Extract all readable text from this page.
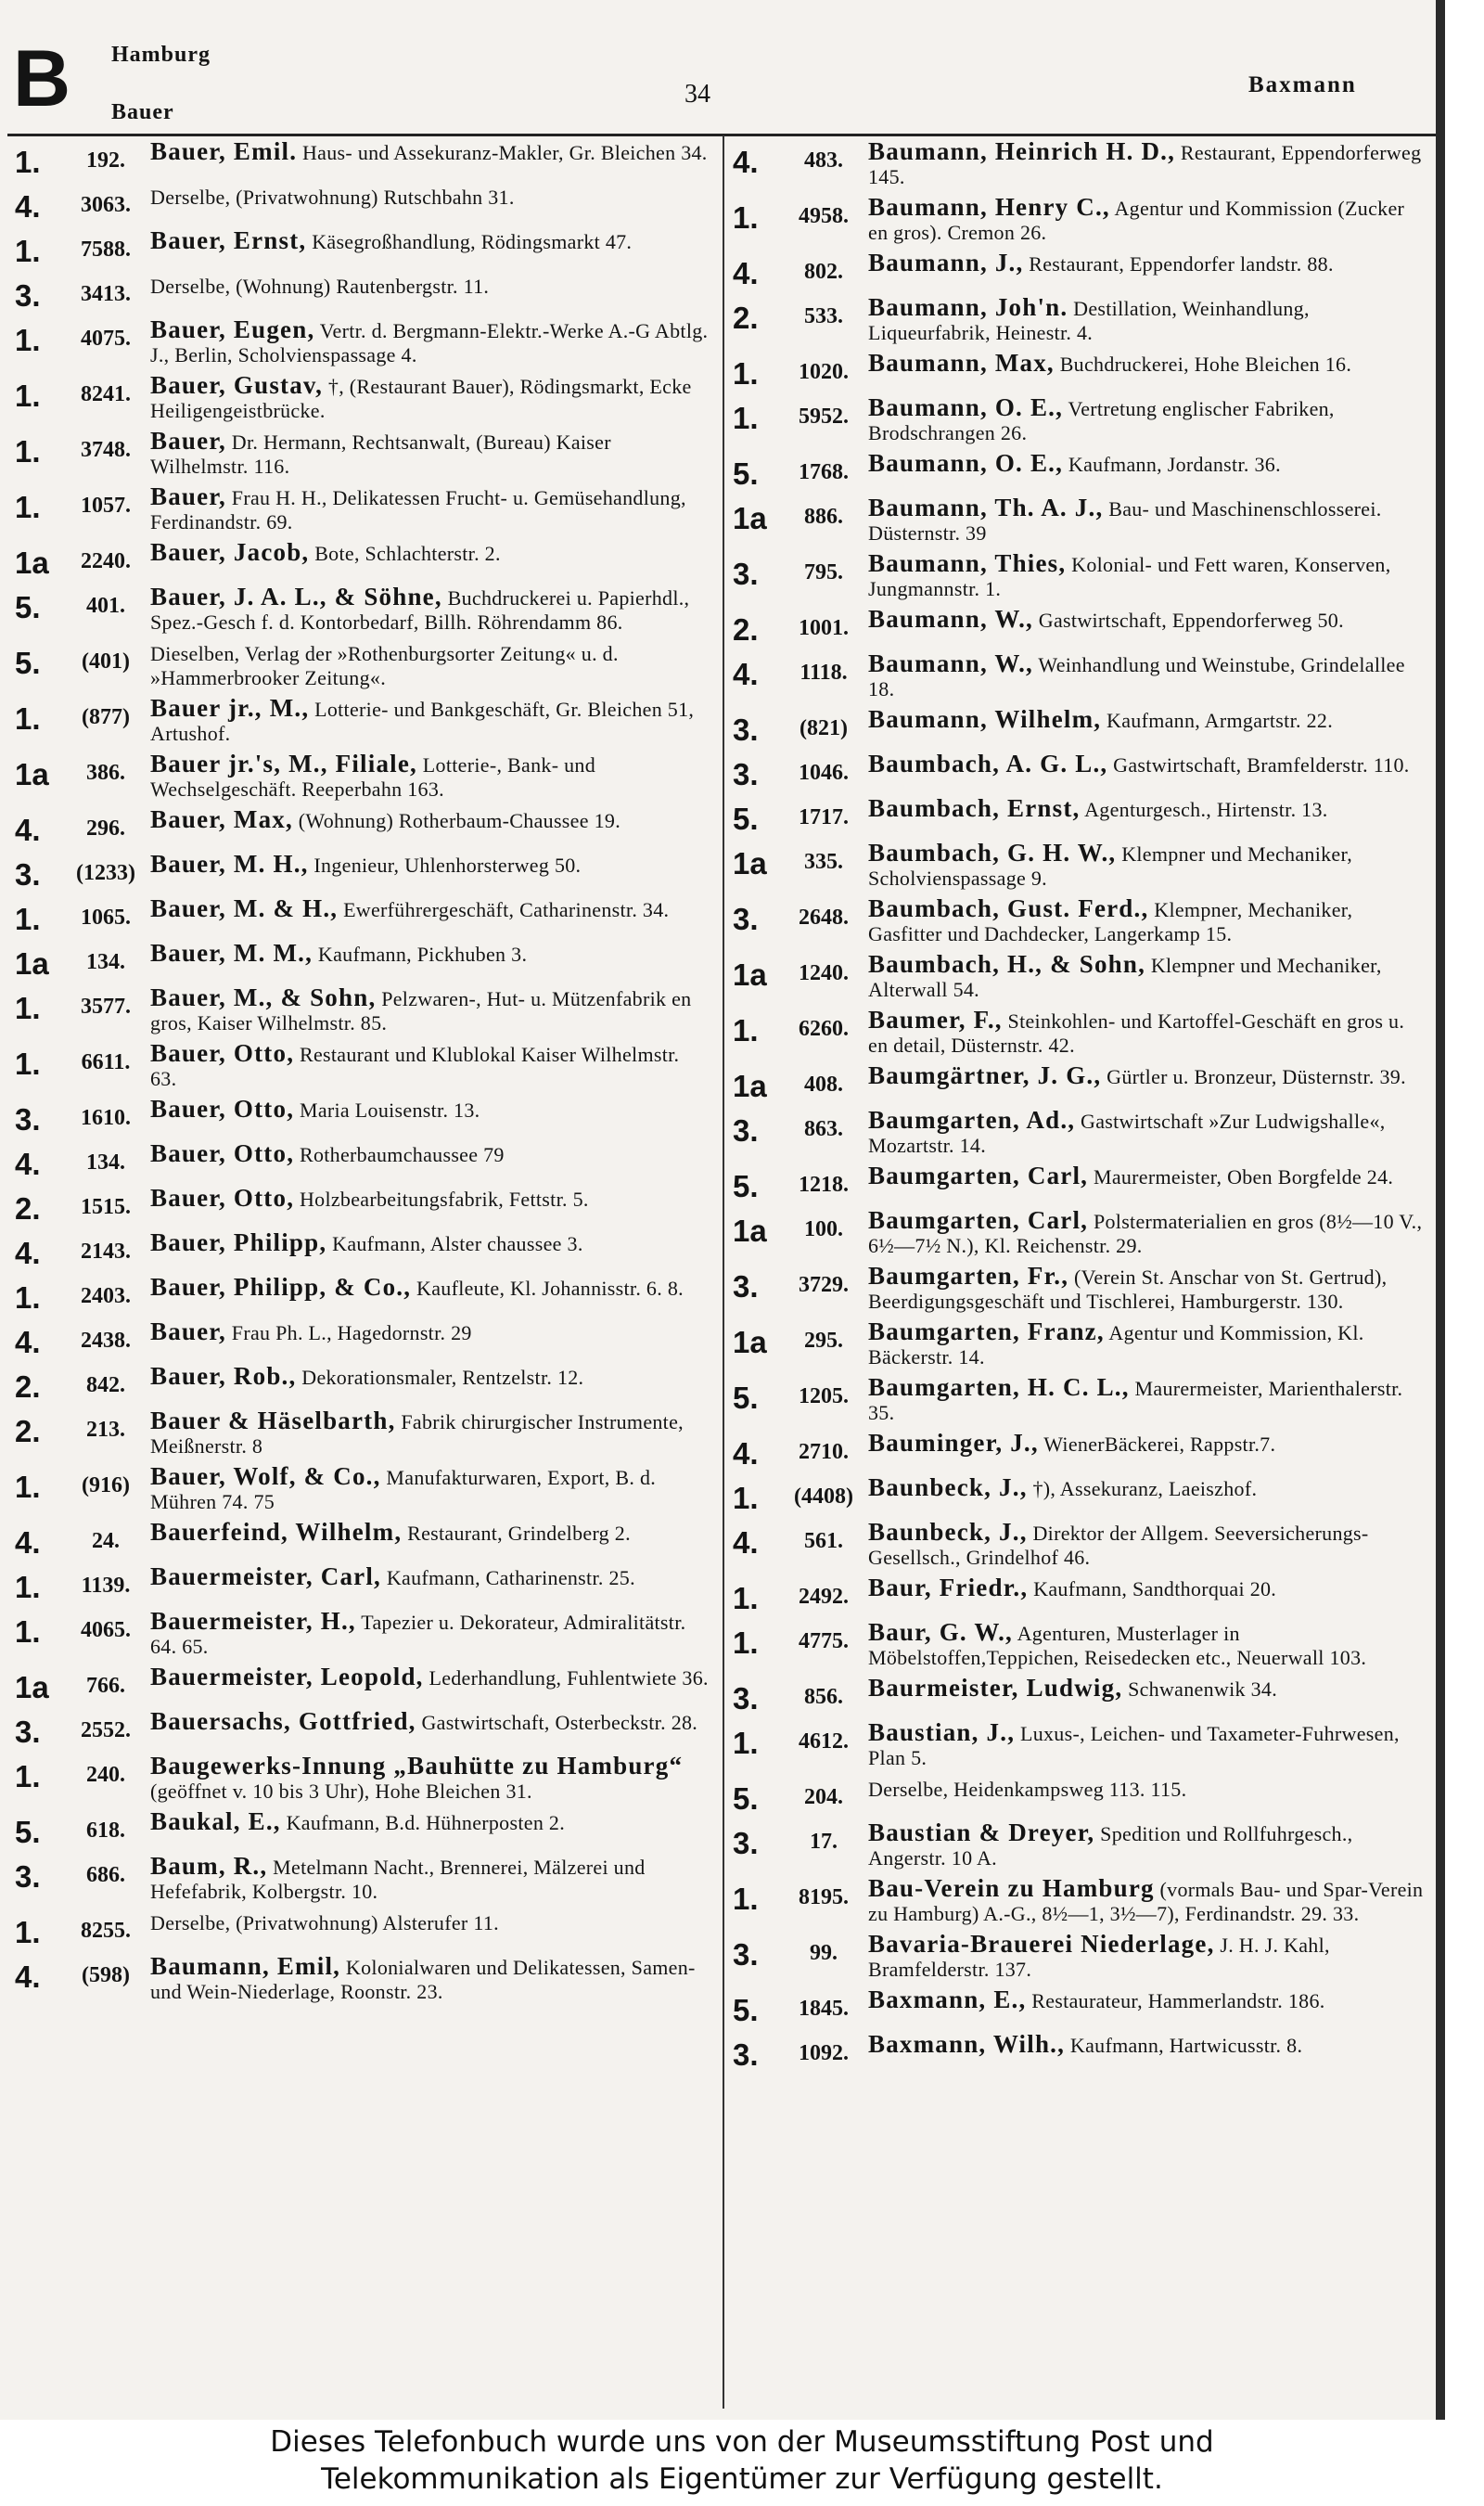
B Hamburg
Bauer
34	Baxmann
1.	192.	Bauer, Emil. Haus- und Assekuranz-Makler, Gr. Bleichen 34.
4.	3063. Derselbe, (Privatwohnung) Rutschbahn 31.
1.	7588. Bauer, Ernst, Käsegroßhandlung, Rödingsmarkt 47.
3.	3413. Derselbe, (Wohnung) Rautenbergstr. 11.
1.	4075. Bauer, Eugen, Vertr. d. Bergmann-Elektr.-Werke A.-G Abtlg. J., Berlin, Scholvienspassage 4.
1.	8241. Bauer, Gustav, †, (Restaurant Bauer), Rödingsmarkt, Ecke Heiligengeistbrücke.
1.	3748. Bauer, Dr. Hermann, Rechtsanwalt, (Bureau) Kaiser Wilhelmstr. 116.
1.	1057. Bauer, Frau H. H., Delikatessen Frucht- u. Gemüsehandlung, Ferdinandstr. 69.
1a	2240. Bauer, Jacob, Bote, Schlachterstr. 2.
5.	401.	Bauer, J. A. L., & Söhne, Buchdruckerei u. Papierhdl., Spez.-Gesch f. d. Kontorbedarf, Billh. Röhrendamm 86.
5.	(401)	Dieselben, Verlag der »Rothenburgsorter Zeitung« u. d. »Hammerbrooker Zeitung«.
1.	(877) Bauer jr., M., Lotterie- und Bankgeschäft, Gr. Bleichen 51, Artushof.
1a	386.	Bauer jr.'s, M., Filiale, Lotterie-, Bank- und Wechselgeschäft. Reeperbahn 163.
4.	296.	Bauer, Max, (Wohnung) Rotherbaum-Chaussee 19.
3.	(1233) Bauer, M. H., Ingenieur, Uhlenhorsterweg 50.
1.	1065. Bauer, M. & H., Ewerführergeschäft, Catharinenstr. 34.
1a	134.	Bauer, M. M., Kaufmann, Pickhuben 3.
1.	3577. Bauer, M., & Sohn, Pelzwaren-, Hut- u. Mützenfabrik en gros, Kaiser Wilhelmstr. 85.
1.	6611. Bauer, Otto, Restaurant und Klublokal Kaiser Wilhelmstr. 63.
3.	1610. Bauer, Otto, Maria Louisenstr. 13.
4.	134.	Bauer, Otto, Rotherbaumchaussee 79
2.	1515. Bauer, Otto, Holzbearbeitungsfabrik, Fettstr. 5.
4.	2143. Bauer, Philipp, Kaufmann, Alster chaussee 3.
1.	2403. Bauer, Philipp, & Co., Kaufleute, Kl. Johannisstr. 6. 8.
4.	2438. Bauer, Frau Ph. L., Hagedornstr. 29
2.	842.	Bauer, Rob., Dekorationsmaler, Rentzelstr. 12.
2.	213.	Bauer & Häselbarth, Fabrik chirurgischer Instrumente, Meißnerstr. 8
1.	(916) Bauer, Wolf, & Co., Manufakturwaren, Export, B. d. Mühren 74. 75
4.	24.	Bauerfeind, Wilhelm, Restaurant, Grindelberg 2.
1.	1139. Bauermeister, Carl, Kaufmann, Catharinenstr. 25.
1.	4065. Bauermeister, H., Tapezier u. Dekorateur, Admiralitätstr. 64. 65.
1a	766.	Bauermeister, Leopold, Lederhandlung, Fuhlentwiete 36.
3.	2552. Bauersachs, Gottfried, Gastwirtschaft, Osterbeckstr. 28.
1.	240.	Baugewerks-Innung „Bauhütte zu Hamburg“ (geöffnet v. 10 bis 3 Uhr), Hohe Bleichen 31.
5.	618.	Baukal, E., Kaufmann, B.d. Hühnerposten 2.
3.	686.	Baum, R., Metelmann Nacht., Brennerei, Mälzerei und Hefefabrik, Kolbergstr. 10.
1.	8255. Derselbe, (Privatwohnung) Alsterufer 11.
4.	(598) Baumann, Emil, Kolonialwaren und Delikatessen, Samen- und Wein-Niederlage, Roonstr. 23.
4.	483.	Baumann, Heinrich H. D., Restaurant, Eppendorferweg 145.
1.	4958. Baumann, Henry C., Agentur und Kommission (Zucker en gros). Cremon 26.
4.	802.	Baumann, J., Restaurant, Eppendorfer landstr. 88.
2.	533.	Baumann, Joh'n. Destillation, Weinhandlung, Liqueurfabrik, Heinestr. 4.
1.	1020. Baumann, Max, Buchdruckerei, Hohe Bleichen 16.
1.	5952. Baumann, O. E., Vertretung englischer Fabriken, Brodschrangen 26.
5.	1768. Baumann, O. E., Kaufmann, Jordanstr. 36.
1a	886.	Baumann, Th. A. J., Bau- und Maschinenschlosserei. Düsternstr. 39
3.	795.	Baumann, Thies, Kolonial- und Fett waren, Konserven, Jungmannstr. 1.
2.	1001. Baumann, W., Gastwirtschaft, Eppendorferweg 50.
4.	1118. Baumann, W., Weinhandlung und Weinstube, Grindelallee 18.
3.	(821) Baumann, Wilhelm, Kaufmann, Armgartstr. 22.
3.	1046. Baumbach, A. G. L., Gastwirtschaft, Bramfelderstr. 110.
5.	1717. Baumbach, Ernst, Agenturgesch., Hirtenstr. 13.
1a	335.	Baumbach, G. H. W., Klempner und Mechaniker, Scholvienspassage 9.
3.	2648. Baumbach, Gust. Ferd., Klempner, Mechaniker, Gasfitter und Dachdecker, Langerkamp 15.
1a	1240. Baumbach, H., & Sohn, Klempner und Mechaniker, Alterwall 54.
1.	6260. Baumer, F., Steinkohlen- und Kartoffel-Geschäft en gros u. en detail, Düsternstr. 42.
1a	408.	Baumgärtner, J. G., Gürtler u. Bronzeur, Düsternstr. 39.
3.	863.	Baumgarten, Ad., Gastwirtschaft »Zur Ludwigshalle«, Mozartstr. 14.
5.	1218. Baumgarten, Carl, Maurermeister, Oben Borgfelde 24.
1a	100.	Baumgarten, Carl, Polstermaterialien en gros (8½—10 V., 6½—7½ N.), Kl. Reichenstr. 29.
3.	3729. Baumgarten, Fr., (Verein St. Anschar von St. Gertrud), Beerdigungsgeschäft und Tischlerei, Hamburgerstr. 130.
1a	295.	Baumgarten, Franz, Agentur und Kommission, Kl. Bäckerstr. 14.
5.	1205. Baumgarten, H. C. L., Maurermeister, Marienthalerstr. 35.
4.	2710. Bauminger, J., WienerBäckerei, Rappstr.7.
1.	(4408) Baunbeck, J., †), Assekuranz, Laeiszhof.
4.	561.	Baunbeck, J., Direktor der Allgem. Seeversicherungs-Gesellsch., Grindelhof 46.
1.	2492. Baur, Friedr., Kaufmann, Sandthorquai 20.
1.	4775. Baur, G. W., Agenturen, Musterlager in Möbelstoffen,Teppichen, Reisedecken etc., Neuerwall 103.
3.	856.	Baurmeister, Ludwig, Schwanenwik 34.
1.	4612. Baustian, J., Luxus-, Leichen- und Taxameter-Fuhrwesen, Plan 5.
5.	204.	Derselbe, Heidenkampsweg 113. 115.
3.	17.	Baustian & Dreyer, Spedition und Rollfuhrgesch., Angerstr. 10 A.
1.	8195. Bau-Verein zu Hamburg (vormals Bau- und Spar-Verein zu Hamburg) A.-G., 8½—1, 3½—7), Ferdinandstr. 29. 33.
3.	99.	Bavaria-Brauerei Niederlage, J. H. J. Kahl, Bramfelderstr. 137.
5.	1845. Baxmann, E., Restaurateur, Hammerlandstr. 186.
3.	1092. Baxmann, Wilh., Kaufmann, Hartwicusstr. 8.
Dieses Telefonbuch wurde uns von der Museumsstiftung Post und
Telekommunikation als Eigentümer zur Verfügung gestellt.
